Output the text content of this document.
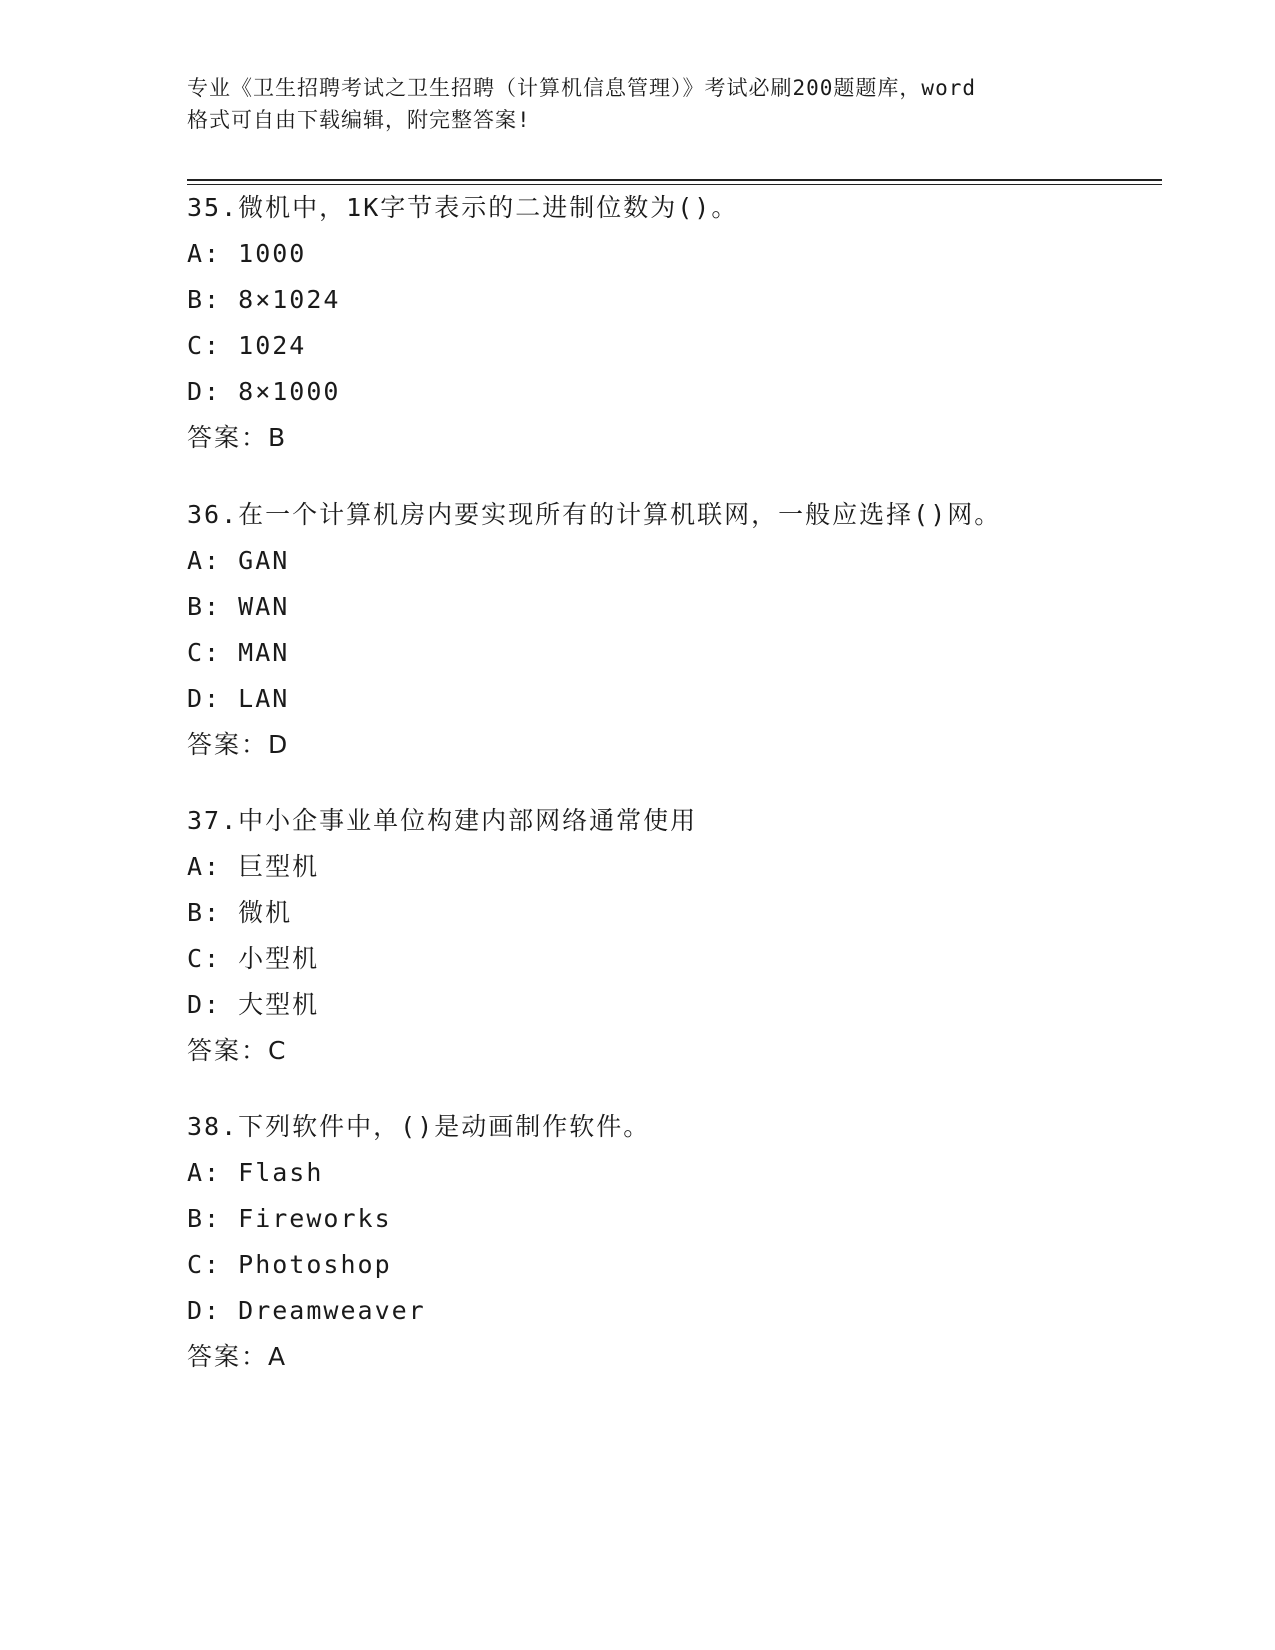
专业《卫生招聘考试之卫生招聘（计算机信息管理）》考试必刷200题题库，word
格式可自由下载编辑，附完整答案!
35.微机中，1K字节表示的二进制位数为()。
A: 1000
B: 8×1024
C: 1024
D: 8×1000
答案：B
36.在一个计算机房内要实现所有的计算机联网，一般应选择()网。
A: GAN
B: WAN
C: MAN
D: LAN
答案：D
37.中小企事业单位构建内部网络通常使用
A: 巨型机
B: 微机
C: 小型机
D: 大型机
答案：C
38.下列软件中，()是动画制作软件。
A: Flash
B: Fireworks
C: Photoshop
D: Dreamweaver
答案：A
